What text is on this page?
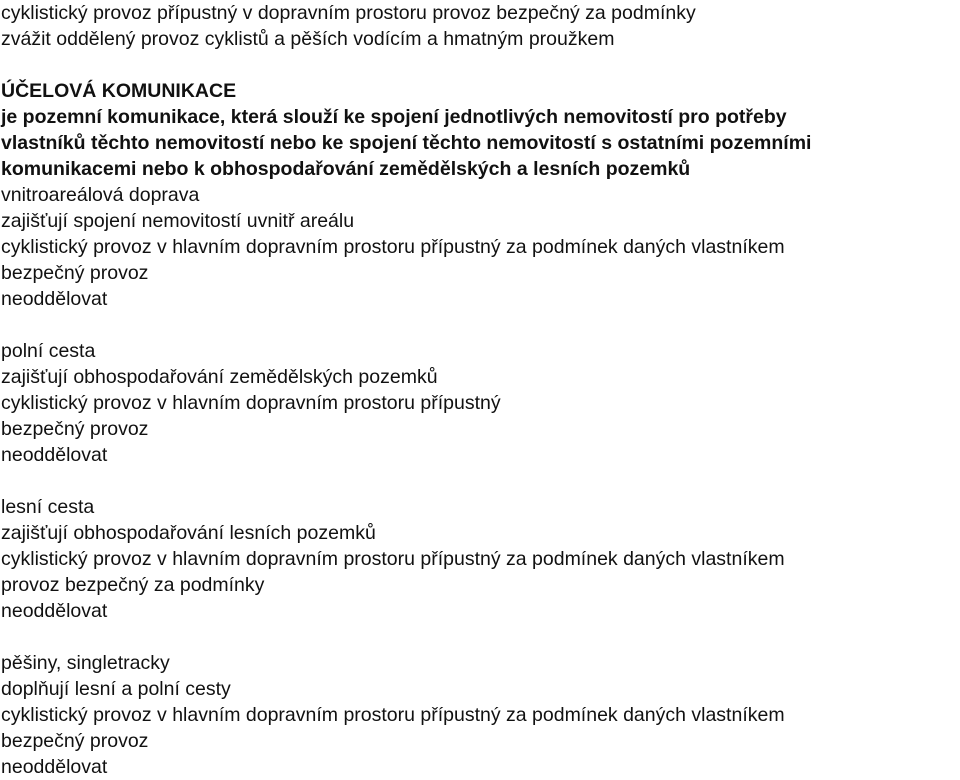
cyklistický provoz přípustný v dopravním prostoru provoz bezpečný za podmínky
zvážit oddělený provoz cyklistů a pěších vodícím a hmatným proužkem
ÚČELOVÁ KOMUNIKACE
je pozemní komunikace, která slouží ke spojení jednotlivých nemovitostí pro potřeby
vlastníků těchto nemovitostí nebo ke spojení těchto nemovitostí s ostatními pozemními
komunikacemi nebo k obhospodařování zemědělských a lesních pozemků
vnitroareálová doprava
zajišťují spojení nemovitostí uvnitř areálu
cyklistický provoz v hlavním dopravním prostoru přípustný za podmínek daných vlastníkem
bezpečný provoz
neoddělovat
polní cesta
zajišťují obhospodařování zemědělských pozemků
cyklistický provoz v hlavním dopravním prostoru přípustný
bezpečný provoz
neoddělovat
lesní cesta
zajišťují obhospodařování lesních pozemků
cyklistický provoz v hlavním dopravním prostoru přípustný za podmínek daných vlastníkem
provoz bezpečný za podmínky
neoddělovat
pěšiny, singletracky
doplňují lesní a polní cesty
cyklistický provoz v hlavním dopravním prostoru přípustný za podmínek daných vlastníkem
bezpečný provoz
neoddělovat
